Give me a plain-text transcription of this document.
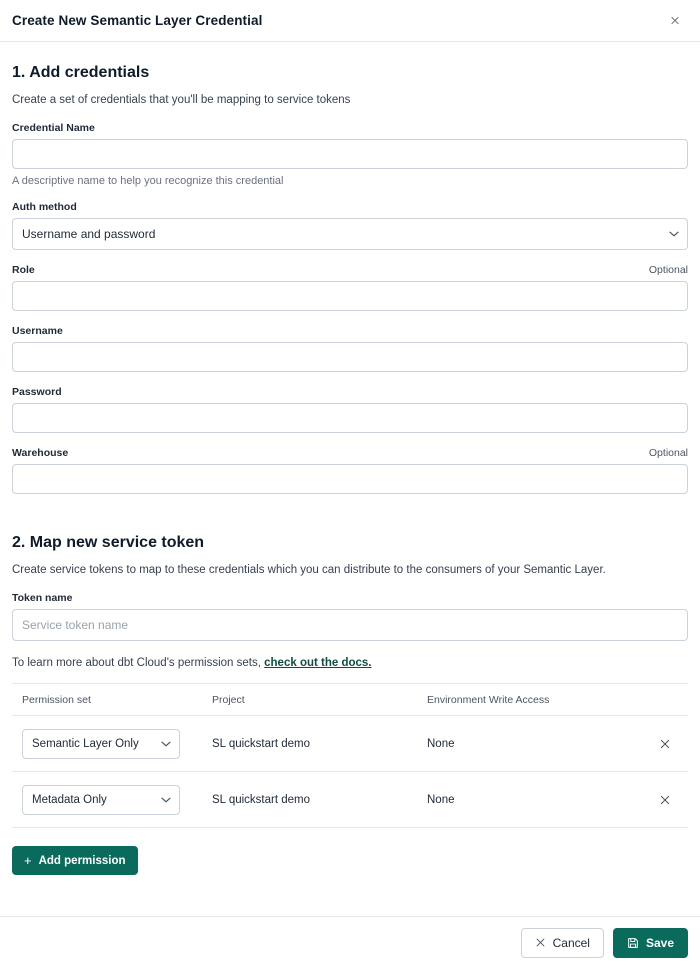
Create New Semantic Layer Credential
1. Add credentials

Create a set of credentials that you'll be mapping to service tokens

Credential Name
A descriptive name to help you recognize this credential
Auth method
Username and password
Role	Optional
Username
Password
Warehouse	Optional
2. Map new service token

Create service tokens to map to these credentials which you can distribute to the consumers of your Semantic Layer.

Token name
Service token name

To learn more about dbt Cloud's permission sets, check out the docs.

Permission set	Project	Environment Write Access
Semantic Layer Only	SL quickstart demo	None
Metadata Only	SL quickstart demo	None
+ Add permission
Cancel	Save
